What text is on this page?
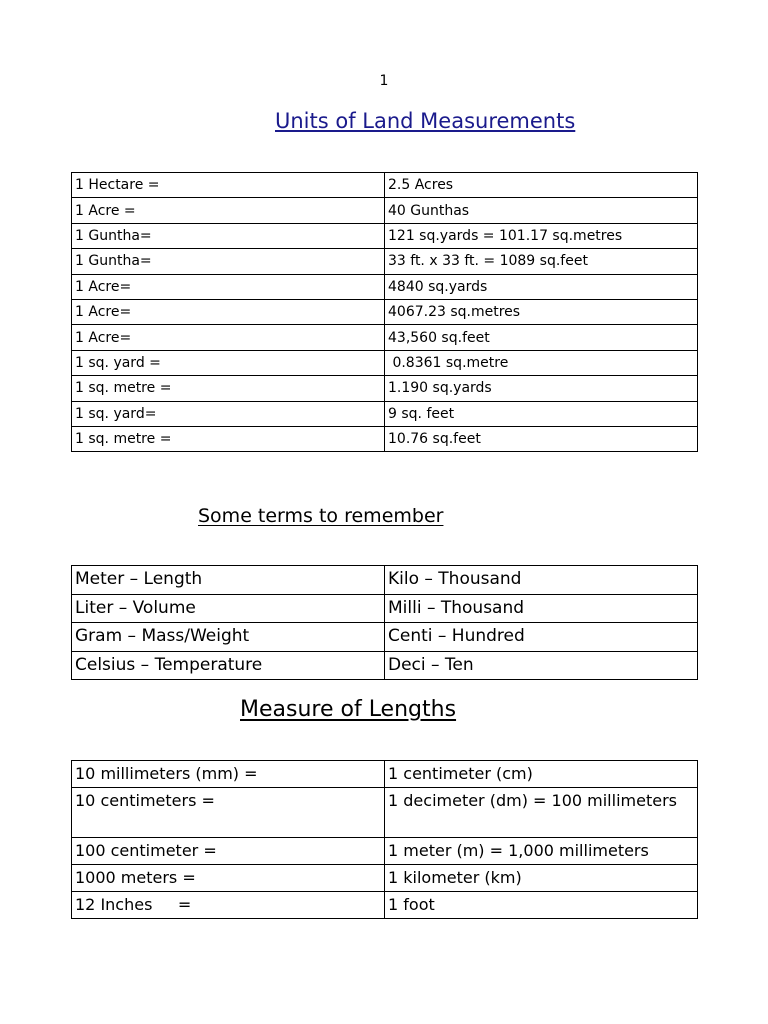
1
Units of Land Measurements
1 Hectare =	2.5 Acres
1 Acre =	40 Gunthas
1 Guntha=	121 sq.yards = 101.17 sq.metres
1 Guntha=	33 ft. x 33 ft. = 1089 sq.feet
1 Acre=	4840 sq.yards
1 Acre=	4067.23 sq.metres
1 Acre=	43,560 sq.feet
1 sq. yard =	0.8361 sq.metre
1 sq. metre =	1.190 sq.yards
1 sq. yard=	9 sq. feet
1 sq. metre =	10.76 sq.feet
Some terms to remember
Meter – Length	Kilo – Thousand
Liter – Volume	Milli – Thousand
Gram – Mass/Weight	Centi – Hundred
Celsius – Temperature	Deci – Ten
Measure of Lengths
10 millimeters (mm) =	1 centimeter (cm)
10 centimeters =	1 decimeter (dm) = 100 millimeters
100 centimeter =	1 meter (m) = 1,000 millimeters
1000 meters =	1 kilometer (km)
12 Inches     =	1 foot
